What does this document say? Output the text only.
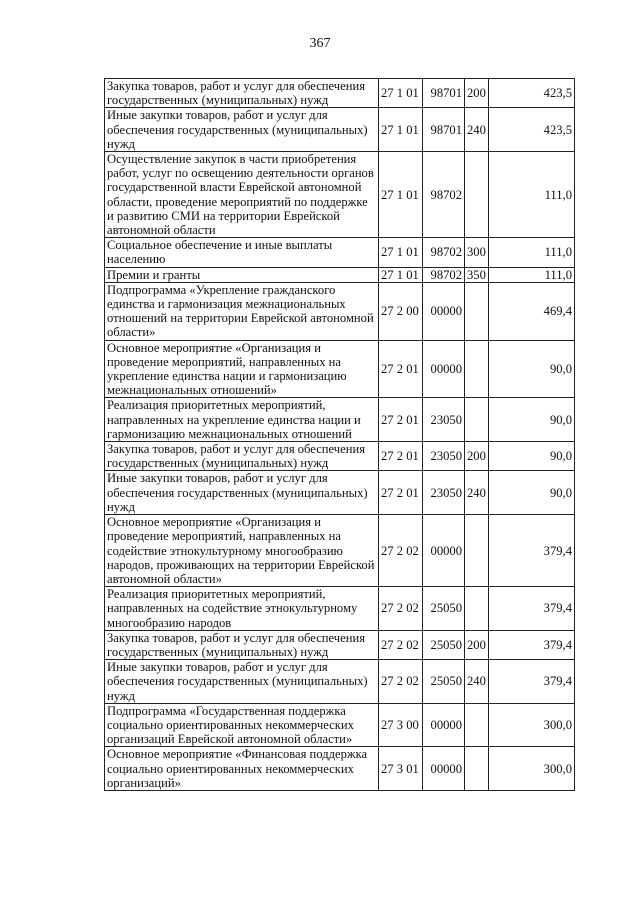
367
Закупка товаров, работ и услуг для обеспечения государственных (муниципальных) нужд	27 1 01	98701	200	423,5
Иные закупки товаров, работ и услуг для обеспечения государственных (муниципальных) нужд	27 1 01	98701	240	423,5
Осуществление закупок в части приобретения работ, услуг по освещению деятельности органов государственной власти Еврейской автономной области, проведение мероприятий по поддержке и развитию СМИ на территории Еврейской автономной области	27 1 01	98702		111,0
Социальное обеспечение и иные выплаты населению	27 1 01	98702	300	111,0
Премии и гранты	27 1 01	98702	350	111,0
Подпрограмма «Укрепление гражданского единства и гармонизация межнациональных отношений на территории Еврейской автономной области»	27 2 00	00000		469,4
Основное мероприятие «Организация и проведение мероприятий, направленных на укрепление единства нации и гармонизацию межнациональных отношений»	27 2 01	00000		90,0
Реализация приоритетных мероприятий, направленных на укрепление единства нации и гармонизацию межнациональных отношений	27 2 01	23050		90,0
Закупка товаров, работ и услуг для обеспечения государственных (муниципальных) нужд	27 2 01	23050	200	90,0
Иные закупки товаров, работ и услуг для обеспечения государственных (муниципальных) нужд	27 2 01	23050	240	90,0
Основное мероприятие «Организация и проведение мероприятий, направленных на содействие этнокультурному многообразию народов, проживающих на территории Еврейской автономной области»	27 2 02	00000		379,4
Реализация приоритетных мероприятий, направленных на содействие этнокультурному многообразию народов	27 2 02	25050		379,4
Закупка товаров, работ и услуг для обеспечения государственных (муниципальных) нужд	27 2 02	25050	200	379,4
Иные закупки товаров, работ и услуг для обеспечения государственных (муниципальных) нужд	27 2 02	25050	240	379,4
Подпрограмма «Государственная поддержка социально ориентированных некоммерческих организаций Еврейской автономной области»	27 3 00	00000		300,0
Основное мероприятие «Финансовая поддержка социально ориентированных некоммерческих организаций»	27 3 01	00000		300,0
